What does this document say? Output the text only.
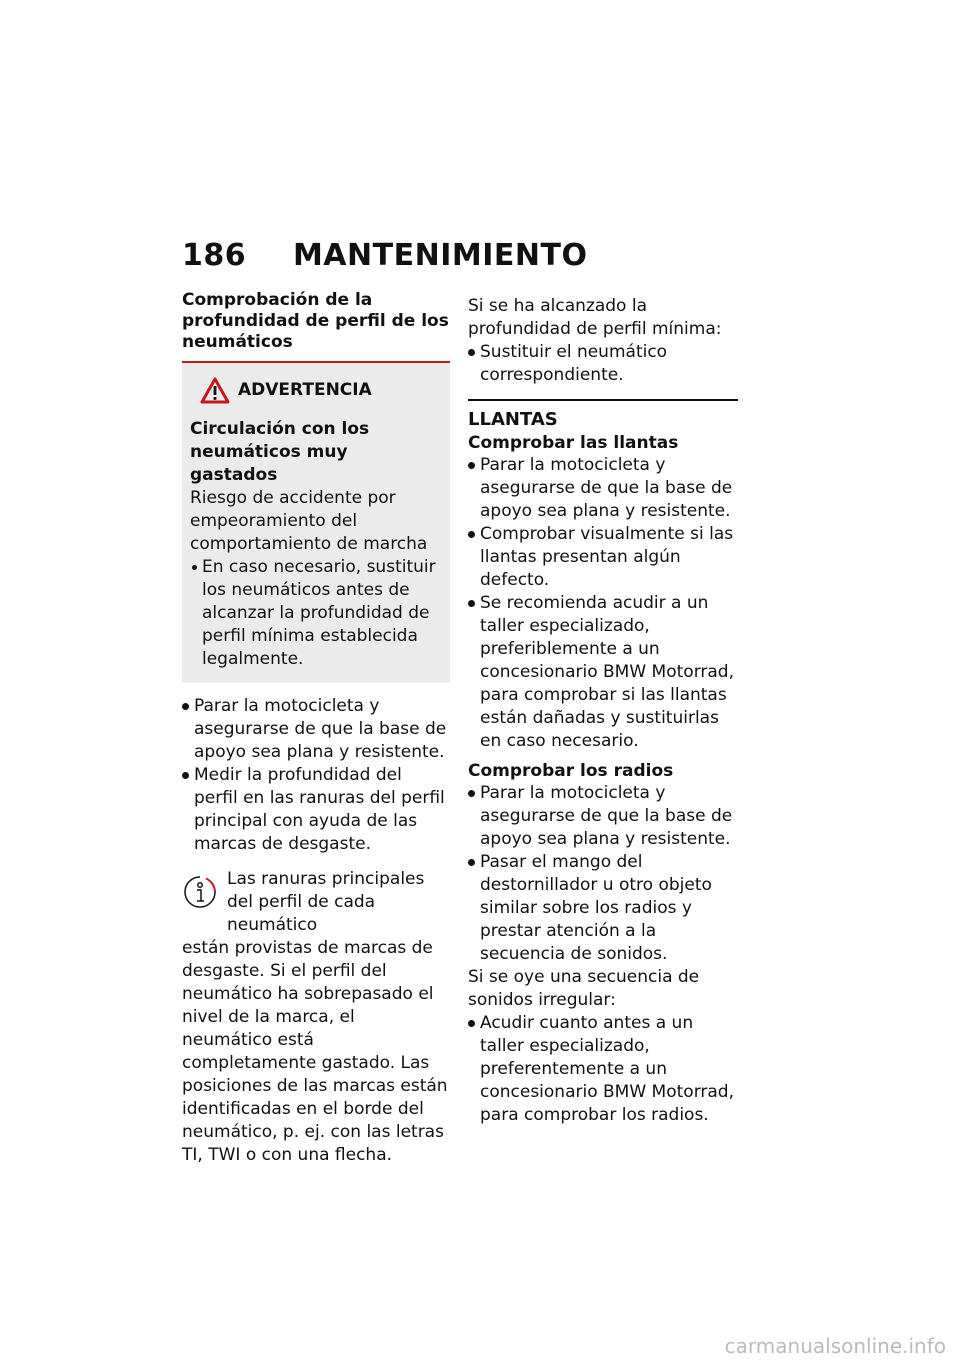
186 MANTENIMIENTO
Comprobación de la profundidad de perfil de los neumáticos
ADVERTENCIA
Circulación con los neumáticos muy gastados

Riesgo de accidente por empeoramiento del comportamiento de marcha

En caso necesario, sustituir los neumáticos antes de alcanzar la profundidad de perfil mínima establecida legalmente.
Parar la motocicleta y asegurarse de que la base de apoyo sea plana y resistente.
Medir la profundidad del perfil en las ranuras del perfil principal con ayuda de las marcas de desgaste.

Las ranuras principales del perfil de cada neumático

están provistas de marcas de desgaste. Si el perfil del neumático ha sobrepasado el nivel de la marca, el neumático está completamente gastado. Las posiciones de las marcas están identificadas en el borde del neumático, p. ej. con las letras TI, TWI o con una flecha.

Si se ha alcanzado la profundidad de perfil mínima:

Sustituir el neumático correspondiente.
LLANTAS
Comprobar las llantas
Parar la motocicleta y asegurarse de que la base de apoyo sea plana y resistente.
Comprobar visualmente si las llantas presentan algún defecto.
Se recomienda acudir a un taller especializado, preferiblemente a un concesionario BMW Motorrad, para comprobar si las llantas están dañadas y sustituirlas en caso necesario.
Comprobar los radios
Parar la motocicleta y asegurarse de que la base de apoyo sea plana y resistente.
Pasar el mango del destornillador u otro objeto similar sobre los radios y prestar atención a la secuencia de sonidos.

Si se oye una secuencia de sonidos irregular:

Acudir cuanto antes a un taller especializado, preferentemente a un concesionario BMW Motorrad, para comprobar los radios.
carmanualsonline.info
